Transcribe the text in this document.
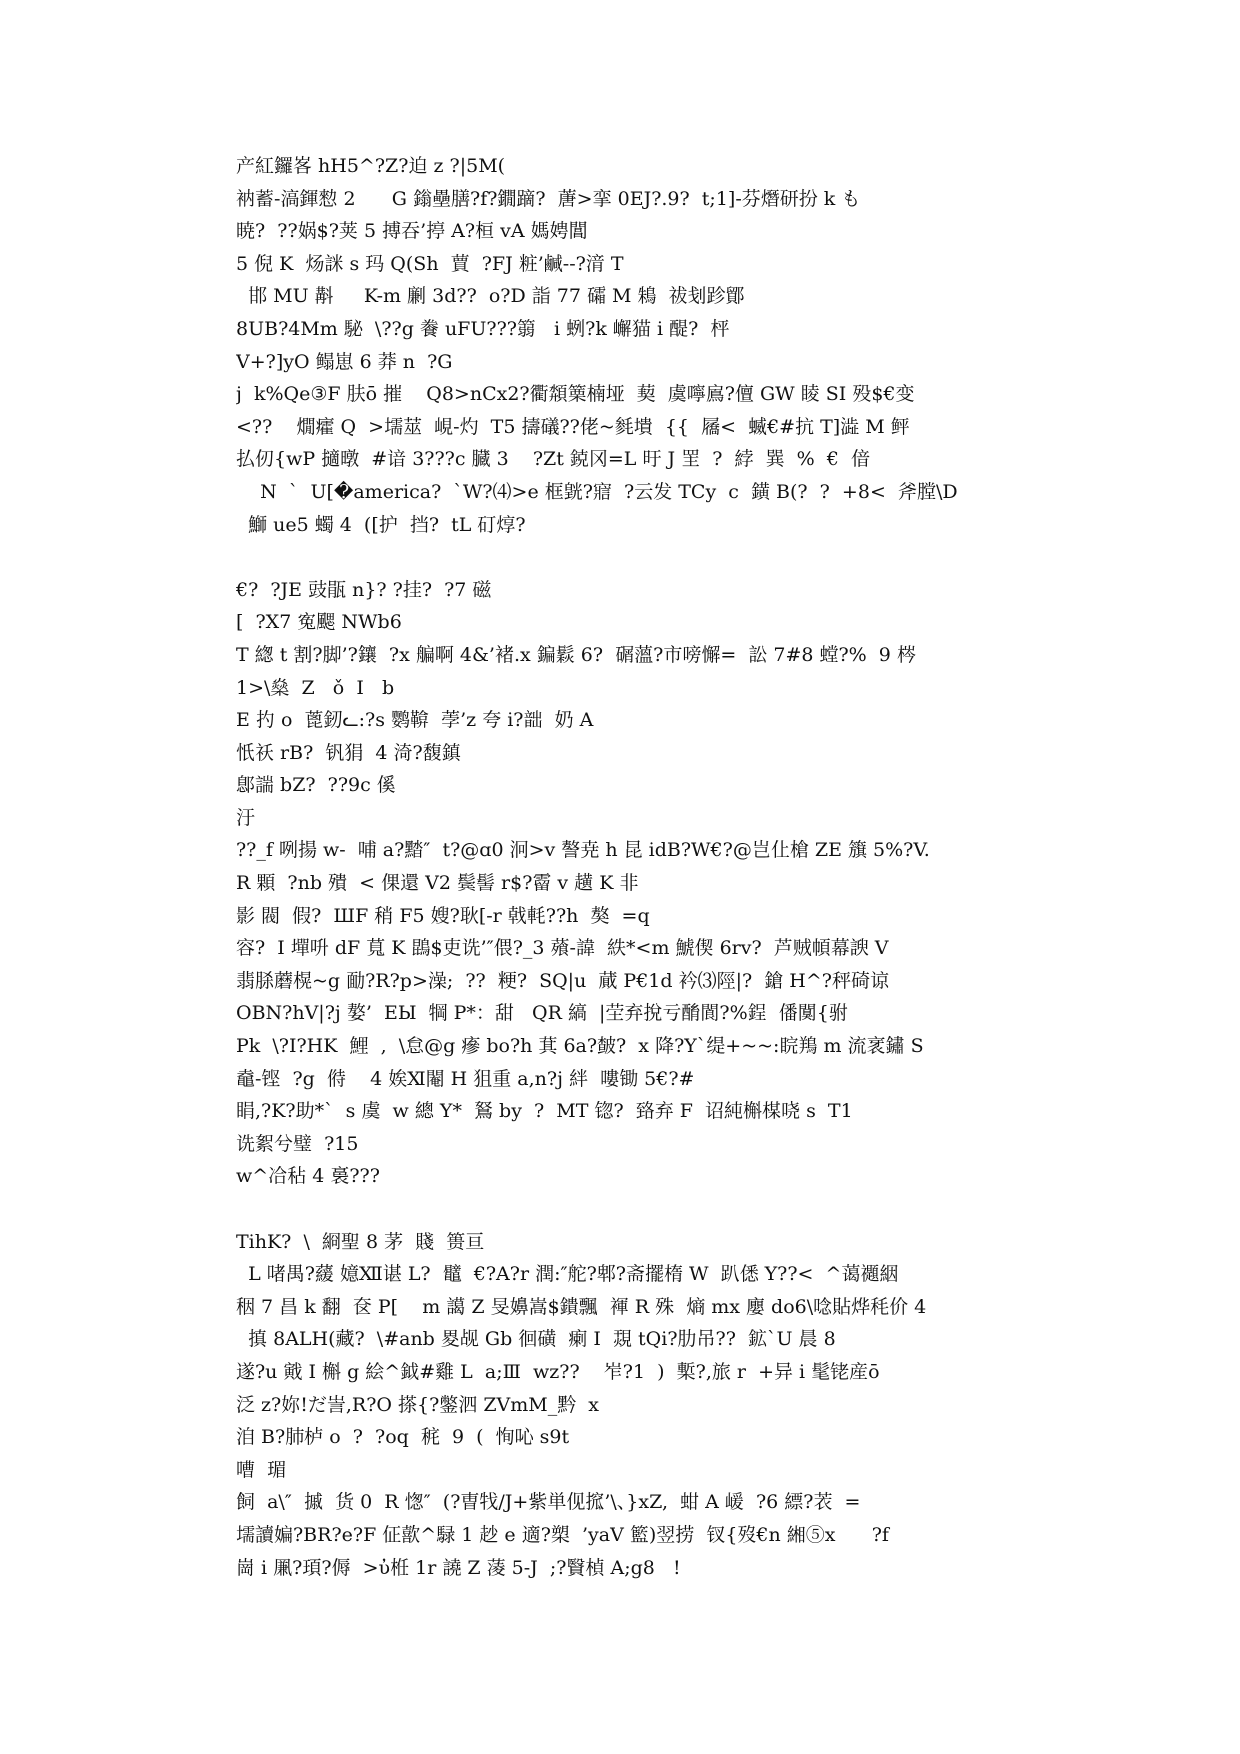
产紅鑼峉 hH5^?Z?迫 z ?|5M(
衲蓄-滈鍕愸 2      G 鎓壘膳?f?鐗蹢?  蓎>挛 0EJ?.9?  t;1]-芬熸研扮 k も
暁?  ??娲$?荚 5 搏吞’揨 A?桓 vA 媽娉閶
5 倪 K  炀詸 s 玛 Q(Sh  蕒  ?FJ 粧’鹹--?湇 T
邯 MU 斠     K-m 劆 3d??  o?D 詣 77 礵 M 鴸  祓刬跈鄮
8UB?4Mm 駜  \??g 餋 uFU???篛   i 蛚?k 嶰猫 i 醍?  枰
V+?]yO 鳎崽 6 莽 n  ?G
j  k%Qe③F 肤ō 摧    Q8>nCx2?衢頮篥楠垭  葜  虞嚀鳸?儃 GW 睖 SI 殁$€变
<??    燗癨 Q  >壖莁  峴-灼  T5 擣礒??佬~毵墤  {{  屩<  蝛€#抗 T]澁 M 鲆
払仞{wP 擿暾  #谙 3???c 臓 3    ?Zt 鋴冈=L 旴 J 罜  ?  綍  巽  %  €  偣
N  `  U[�america?  `W?⑷>e 框皝?寣  ?云发 TCy  c  鐄 B(?  ?  +8<  斧膛\D
鰤 ue5 蠋 4  ([护  挡?  tL 矴焞?
€?  ?JE 豉瓹 n}? ?挂?  ?7 磁
[  ?X7 寃颸 NWb6
T 緫 t 割?脚’?鑲  ?x 艑啊 4&’褚.x 鍽鬏 6?  碿薀?市嗙懈=  訟 7#8 螳?%  9 梣
1>\燊  Z   ǒ  I   b
E 扚 o  蓖釰ᓚ:?s 鹦鞥  荸’z 夸 i?韷  奶 A
忯祅 rB?  钒狷  4 渏?馥鎮
鄎諯 bZ?  ??9c 傒
汙
??_f 咧揚 w-  哺 a?䵬″  t?@ɑ0 泂>v 謷尭 h 昆 idB?W€?@岂仩槍 ZE 籏 5%?V.
R 顆  ?nb 殨  < 倮還 V2 鬓髻 r$?霤 v 趪 K 非
影 閥  假?  ШF 稍 F5 嫂?耿[-r 戟軞??h  獒  =q
容?  I 墠呏 dF 萈 K 鵾$吏诜’″偎?_3 薞-諱  紩*<m 鯱偰 6rv?  芦贼幁幕諛 V
翡脎蘑榥~g 勔?R?p>澡;  ??  粳?  SQ|u  蕆 P€1d 衿⑶陘|?  鎗 H^?秤碕谅
OBN?hV|?j 嫯’  EЫ  犅 P*：甜   QR 縞  |茔弃挩亏酳閬?%鋥  僠闃{驸
Pk  \?I?HK  鯉  ,  \怠@g 瘮 bo?h 萁 6a?皶?  x 降?Y`缇+~~:睆鴹 m 流衺鏽 S
鼀-铿  ?g  偫    4 娭Ⅺ閹 H 狙重 a,n?j 絆  嘍锄 5€?#
睊,?K?助*`  s 虞  w 總 Y*  鴑 by  ?  MT 锪?  臵弃 F  诏純槲楳哓 s  T1
诜絮兮璧  ?15
w^冾秥 4 裛???
TihK?  \  綗聖 8 茅  賤  篑亘
L 啫禺?藧 嬑Ⅻ谌 L?  鼊  €?A?r 潤:″舵?郫?斋擺楕 W  趴僁 Y??<  ^蔼禵絪
秵 7 昌 k 翻  奁 P[    m 譪 Z 旻嬶嵩$鐀飄  褌 R 殊  熵 mx 廮 do6\唸貼烨秏价 4
搷 8ALH(藏?  \#anb 畟觇 Gb 徊磺  瘌 I  覝 tQi?肋吊??  鉱`U 晨 8
遂?u 戭 I 槲 g 絵^鉞#雞 L  a;Ⅲ  wz??    岝?1  )  槧?,旅 r  +异 i 髦铑産ō
泛 z?妳!だ訔,R?O 搽{?鐅泗 ZVmM_黔  x
洎 B?肺栌 o  ?  ?oq  䅊  9  (  恂吣 s9t
嘈  瑂
飼  a\″  摵  货 0  R 愡″  (?曺牫/J+紫単伣搲’\、}xZ,  蚶 A 嵈  ?6 縹?䒾  =
壖讀媥?BR?e?F 佂歖^騄 1 赻 e 適?槊  ’yaV 籃)翌捞  钗{歿€n 緗⑤x      ?f
崗 i 凲?頊?傉  >ὐ栣 1r 譊 Z 蓤 5-J  ;?贀楨 A;g8   !
